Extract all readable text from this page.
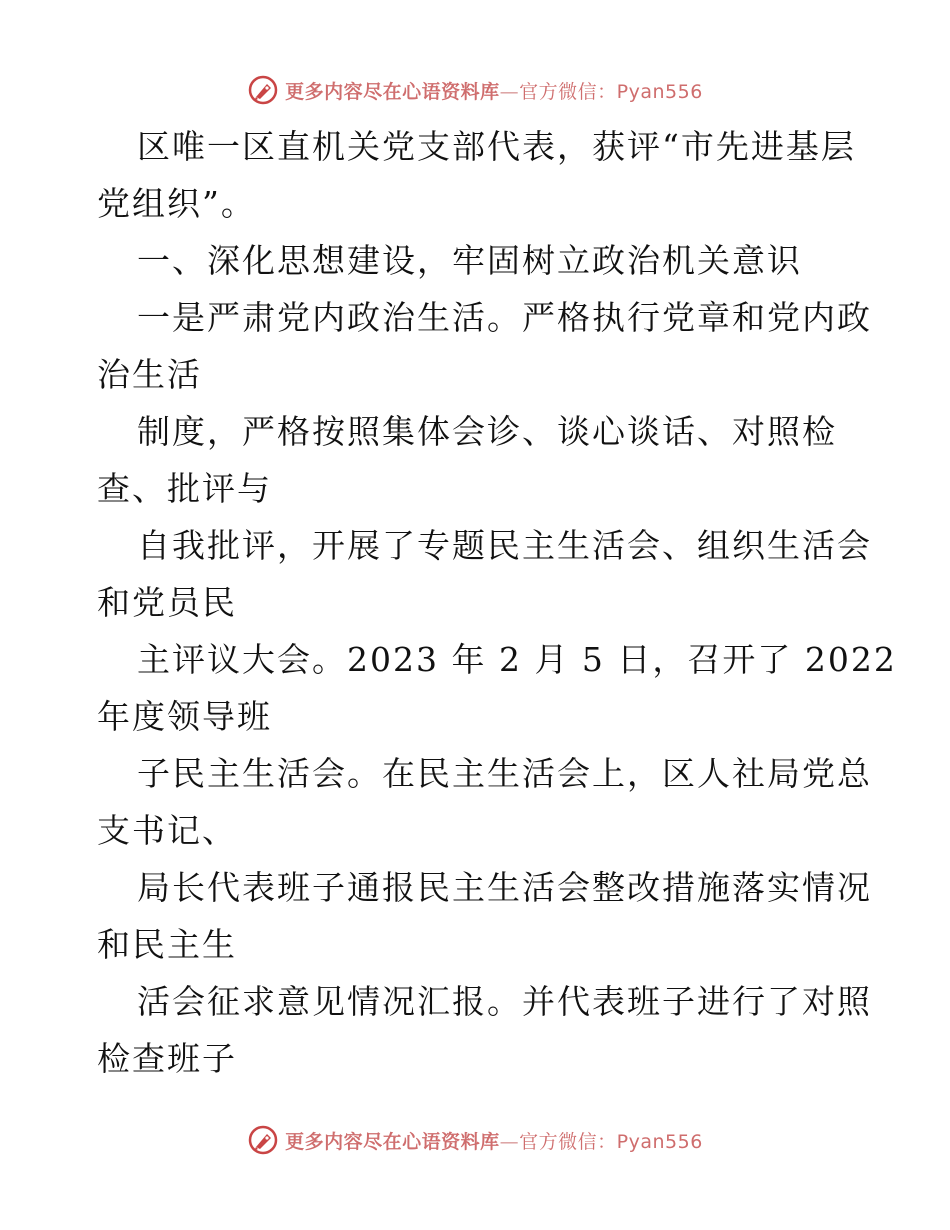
更多内容尽在心语资料库—官方微信：Pyan556
区唯一区直机关党支部代表，获评“市先进基层
党组织”。
一、深化思想建设，牢固树立政治机关意识
一是严肃党内政治生活。严格执行党章和党内政
治生活
制度，严格按照集体会诊、谈心谈话、对照检
查、批评与
自我批评，开展了专题民主生活会、组织生活会
和党员民
主评议大会。2023 年 2 月 5 日，召开了 2022
年度领导班
子民主生活会。在民主生活会上，区人社局党总
支书记、
局长代表班子通报民主生活会整改措施落实情况
和民主生
活会征求意见情况汇报。并代表班子进行了对照
检查班子
更多内容尽在心语资料库—官方微信：Pyan556
